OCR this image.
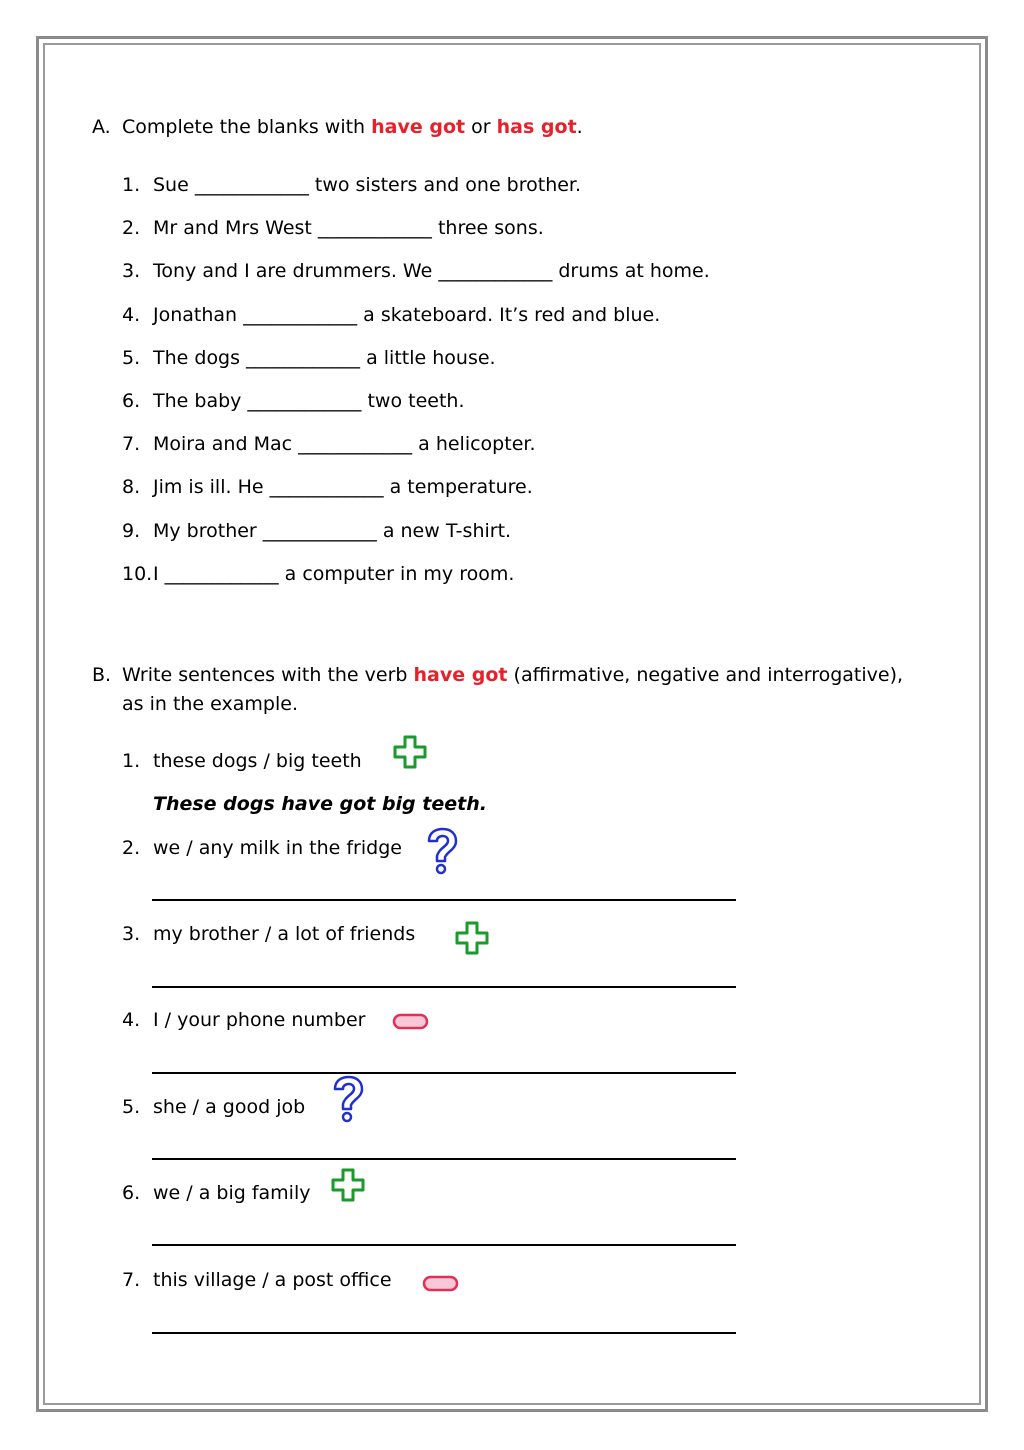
A. Complete the blanks with have got or has got.
1. Sue ____________ two sisters and one brother.
2. Mr and Mrs West ____________ three sons.
3. Tony and I are drummers. We ____________ drums at home.
4. Jonathan ____________ a skateboard. It’s red and blue.
5. The dogs ____________ a little house.
6. The baby ____________ two teeth.
7. Moira and Mac ____________ a helicopter.
8. Jim is ill. He ____________ a temperature.
9. My brother ____________ a new T-shirt.
10. I ____________ a computer in my room.
B. Write sentences with the verb have got (affirmative, negative and interrogative),
as in the example.
1. these dogs / big teeth
These dogs have got big teeth.
2. we / any milk in the fridge
3. my brother / a lot of friends
4. I / your phone number
5. she / a good job
6. we / a big family
7. this village / a post office
